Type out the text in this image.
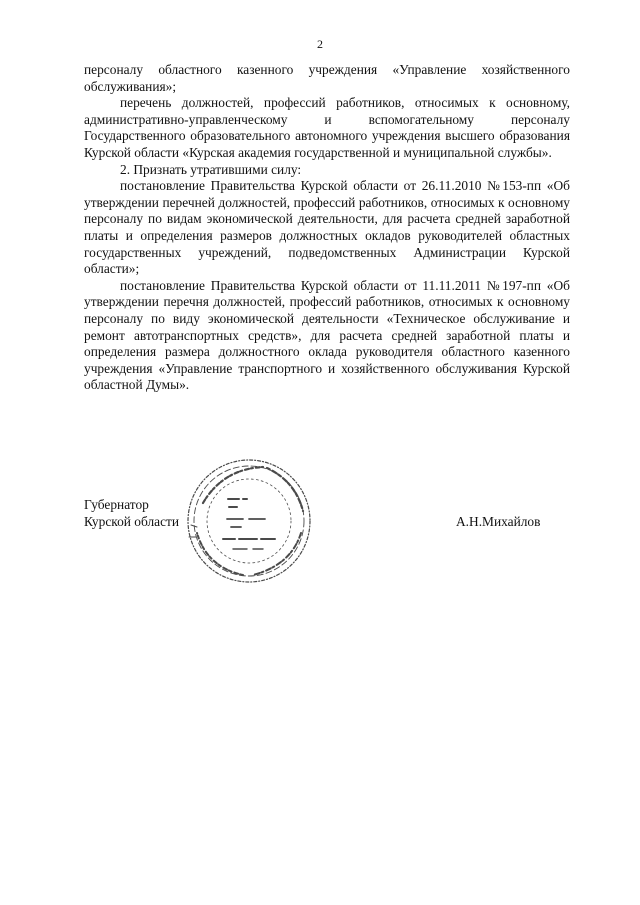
2

персоналу областного казенного учреждения «Управление хозяйственного обслуживания»;

перечень должностей, профессий работников, относимых к основному, административно-управленческому и вспомогательному персоналу Государственного образовательного автономного учреждения высшего образования Курской области «Курская академия государственной и муниципальной службы».

2. Признать утратившими силу:

постановление Правительства Курской области от 26.11.2010 №153-пп «Об утверждении перечней должностей, профессий работников, относимых к основному персоналу по видам экономической деятельности, для расчета средней заработной платы и определения размеров должностных окладов руководителей областных государственных учреждений, подведомственных Администрации Курской области»;

постановление Правительства Курской области от 11.11.2011 №197-пп «Об утверждении перечня должностей, профессий работников, относимых к основному персоналу по виду экономической деятельности «Техническое обслуживание и ремонт автотранспортных средств», для расчета средней заработной платы и определения размера должностного оклада руководителя областного казенного учреждения «Управление транспортного и хозяйственного обслуживания Курской областной Думы».

Губернатор
Курской области	А.Н.Михайлов
